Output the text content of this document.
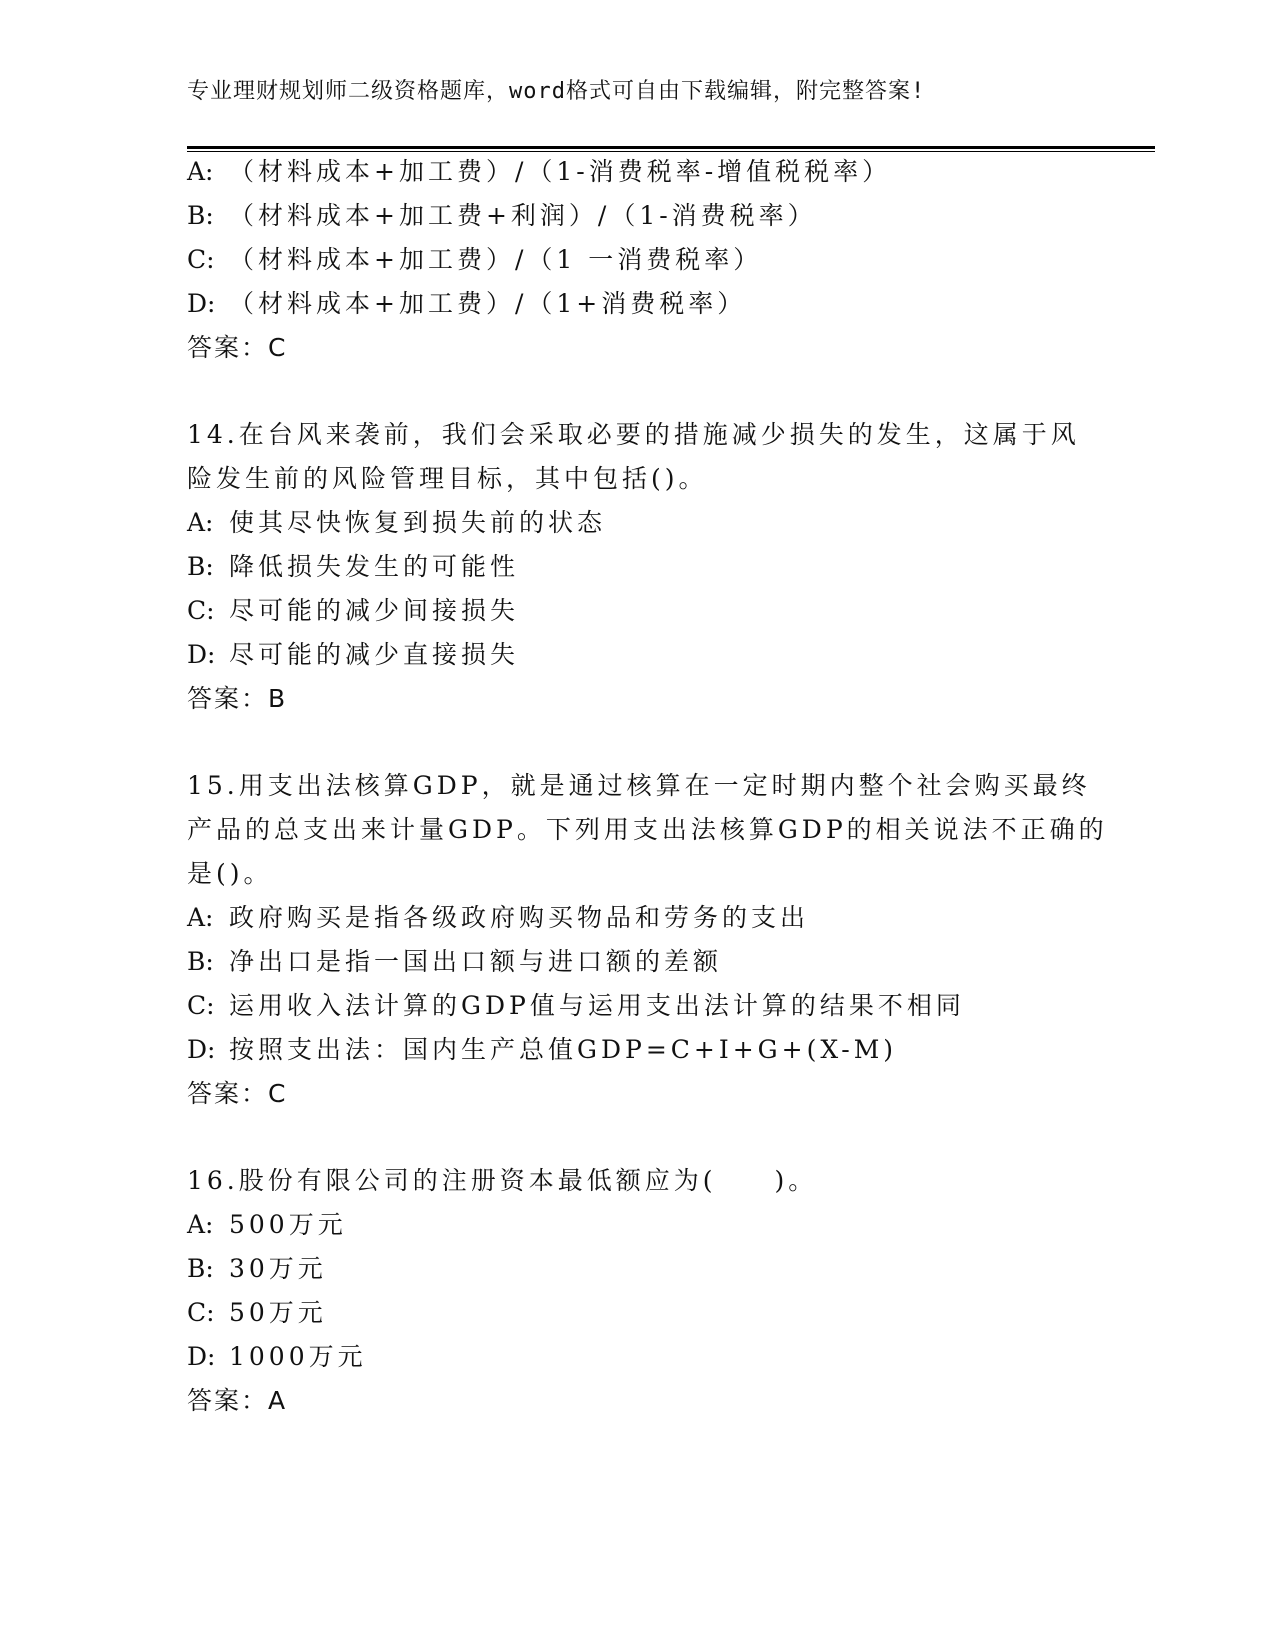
专业理财规划师二级资格题库，word格式可自由下载编辑，附完整答案!
A: （材料成本+加工费）/（1-消费税率-增值税税率）
B: （材料成本+加工费+利润）/（1-消费税率）
C: （材料成本+加工费）/（1 一消费税率）
D: （材料成本+加工费）/（1+消费税率）
答案：C
14.在台风来袭前，我们会采取必要的措施减少损失的发生，这属于风
险发生前的风险管理目标，其中包括()。
A: 使其尽快恢复到损失前的状态
B: 降低损失发生的可能性
C: 尽可能的减少间接损失
D: 尽可能的减少直接损失
答案：B
15.用支出法核算GDP，就是通过核算在一定时期内整个社会购买最终
产品的总支出来计量GDP。下列用支出法核算GDP的相关说法不正确的
是()。
A: 政府购买是指各级政府购买物品和劳务的支出
B: 净出口是指一国出口额与进口额的差额
C: 运用收入法计算的GDP值与运用支出法计算的结果不相同
D: 按照支出法：国内生产总值GDP=C+I+G+(X-M)
答案：C
16.股份有限公司的注册资本最低额应为(　　)。
A: 500万元
B: 30万元
C: 50万元
D: 1000万元
答案：A
